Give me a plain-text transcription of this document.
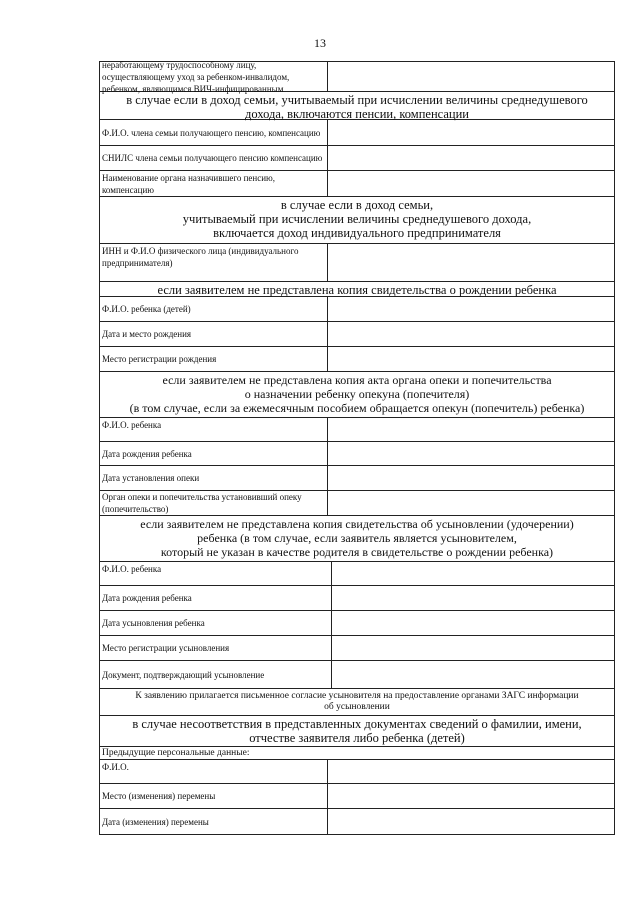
13
неработающему трудоспособному лицу, осуществляющему уход за ребенком-инвалидом, ребенком, являющимся ВИЧ-инфицированным
в случае если в доход семьи, учитываемый при исчислении величины среднедушевого дохода, включаются пенсии, компенсации
Ф.И.О. члена семьи получающего пенсию, компенсацию
СНИЛС члена семьи получающего пенсию компенсацию
Наименование органа назначившего пенсию, компенсацию
в случае если в доход семьи,
учитываемый при исчислении величины среднедушевого дохода,
включается доход индивидуального предпринимателя
ИНН и Ф.И.О физического лица (индивидуального предпринимателя)
если заявителем не представлена копия свидетельства о рождении ребенка
Ф.И.О. ребенка (детей)
Дата и место рождения
Место регистрации рождения
если заявителем не представлена копия акта органа опеки и попечительства
о назначении ребенку опекуна (попечителя)
(в том случае, если за ежемесячным пособием обращается опекун (попечитель) ребенка)
Ф.И.О. ребенка
Дата рождения ребенка
Дата установления опеки
Орган опеки и попечительства установивший опеку (попечительство)
если заявителем не представлена копия свидетельства об усыновлении (удочерении)
ребенка (в том случае, если заявитель является усыновителем,
который не указан в качестве родителя в свидетельстве о рождении ребенка)
Ф.И.О. ребенка
Дата рождения ребенка
Дата усыновления ребенка
Место регистрации усыновления
Документ, подтверждающий усыновление
К заявлению прилагается письменное согласие усыновителя на предоставление органами ЗАГС информации об усыновлении
в случае несоответствия в представленных документах сведений о фамилии, имени,
отчестве заявителя либо ребенка (детей)
Предыдущие персональные данные:
Ф.И.О.
Место (изменения) перемены
Дата (изменения) перемены
